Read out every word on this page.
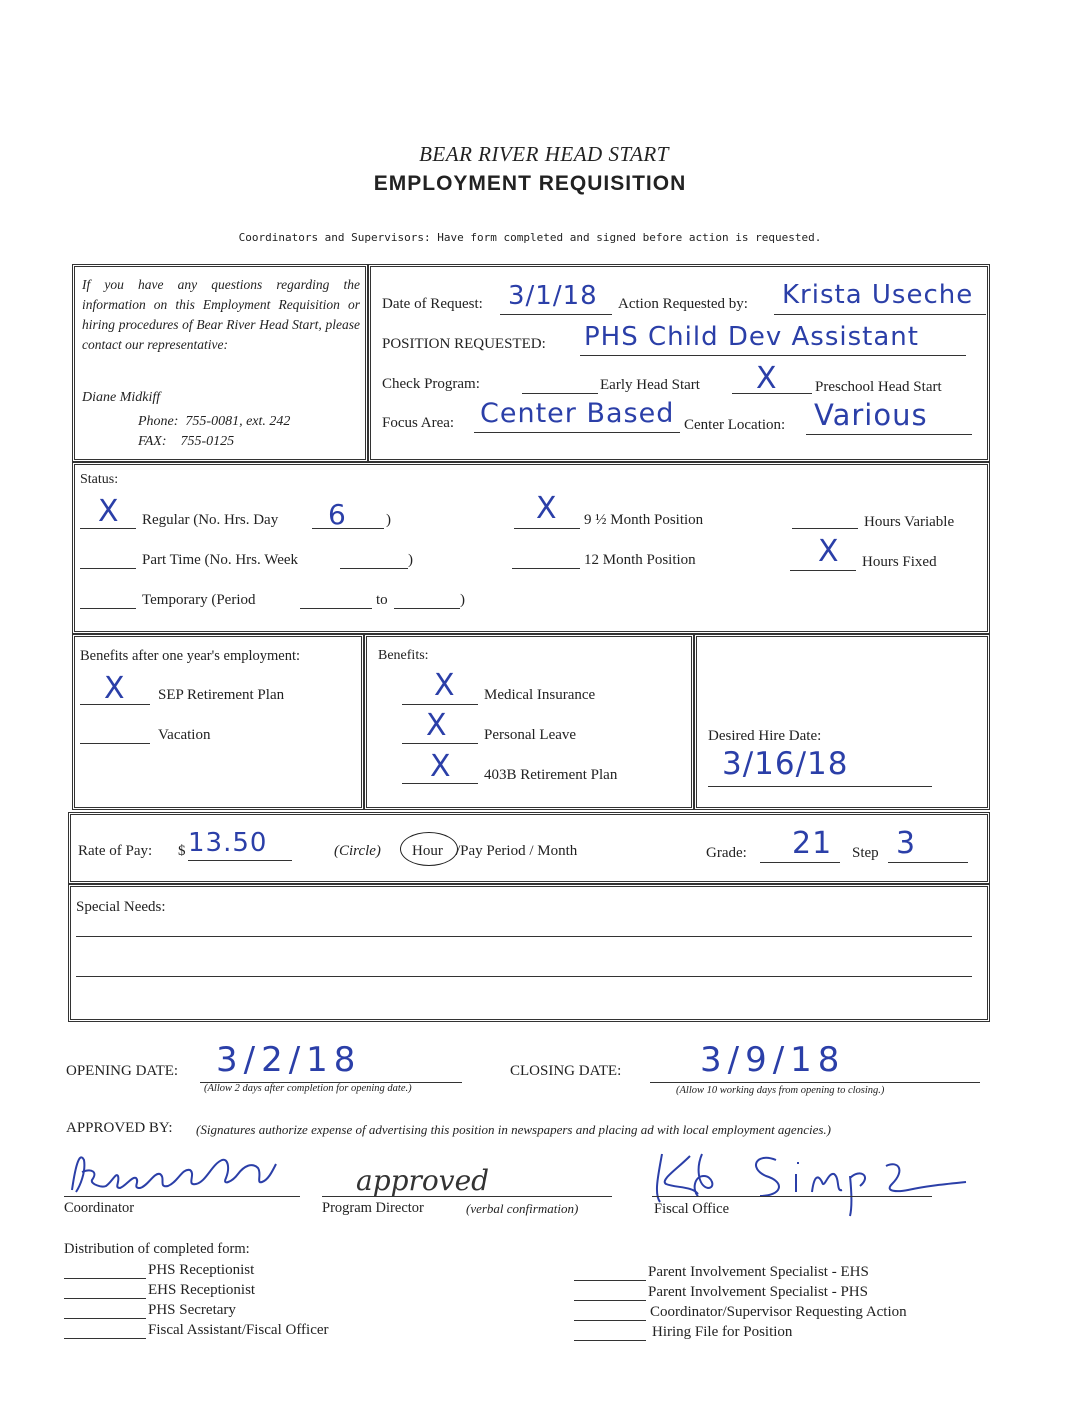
BEAR RIVER HEAD START
EMPLOYMENT REQUISITION
Coordinators and Supervisors: Have form completed and signed before action is requested.
If you have any questions regarding the information on this Employment Requisition or hiring procedures of Bear River Head Start, please contact our representative:
Diane Midkiff
Phone:  755-0081, ext. 242
FAX:    755-0125
Date of Request: 3/1/18 Action Requested by: Krista Useche
POSITION REQUESTED: PHS Child Dev Assistant
Check Program:	Early Head Start X	Preschool Head Start
Focus Area: Center Based Center Location: Various
Status:
X Regular (No. Hrs. Day 6	)
Part Time (No. Hrs. Week	)
Temporary (Period	to	)
X 9 ½ Month Position
12 Month Position
Hours Variable
X Hours Fixed
Benefits after one year's employment:
X SEP Retirement Plan
Vacation
Benefits:
X Medical Insurance
X Personal Leave
X 403B Retirement Plan
Desired Hire Date:
3/16/18
Rate of Pay: $ 13.50	(Circle) Hour /Pay Period / Month	Grade: 21 Step 3
Special Needs:
OPENING DATE: 3/2/18
(Allow 2 days after completion for opening date.)
CLOSING DATE: 3/9/18
(Allow 10 working days from opening to closing.)
APPROVED BY: (Signatures authorize expense of advertising this position in newspapers and placing ad with local employment agencies.)
Coordinator
approved
Program Director	(verbal confirmation)	Fiscal Office
Distribution of completed form:
PHS Receptionist
EHS Receptionist
PHS Secretary
Fiscal Assistant/Fiscal Officer
Parent Involvement Specialist - EHS
Parent Involvement Specialist - PHS
Coordinator/Supervisor Requesting Action
Hiring File for Position
